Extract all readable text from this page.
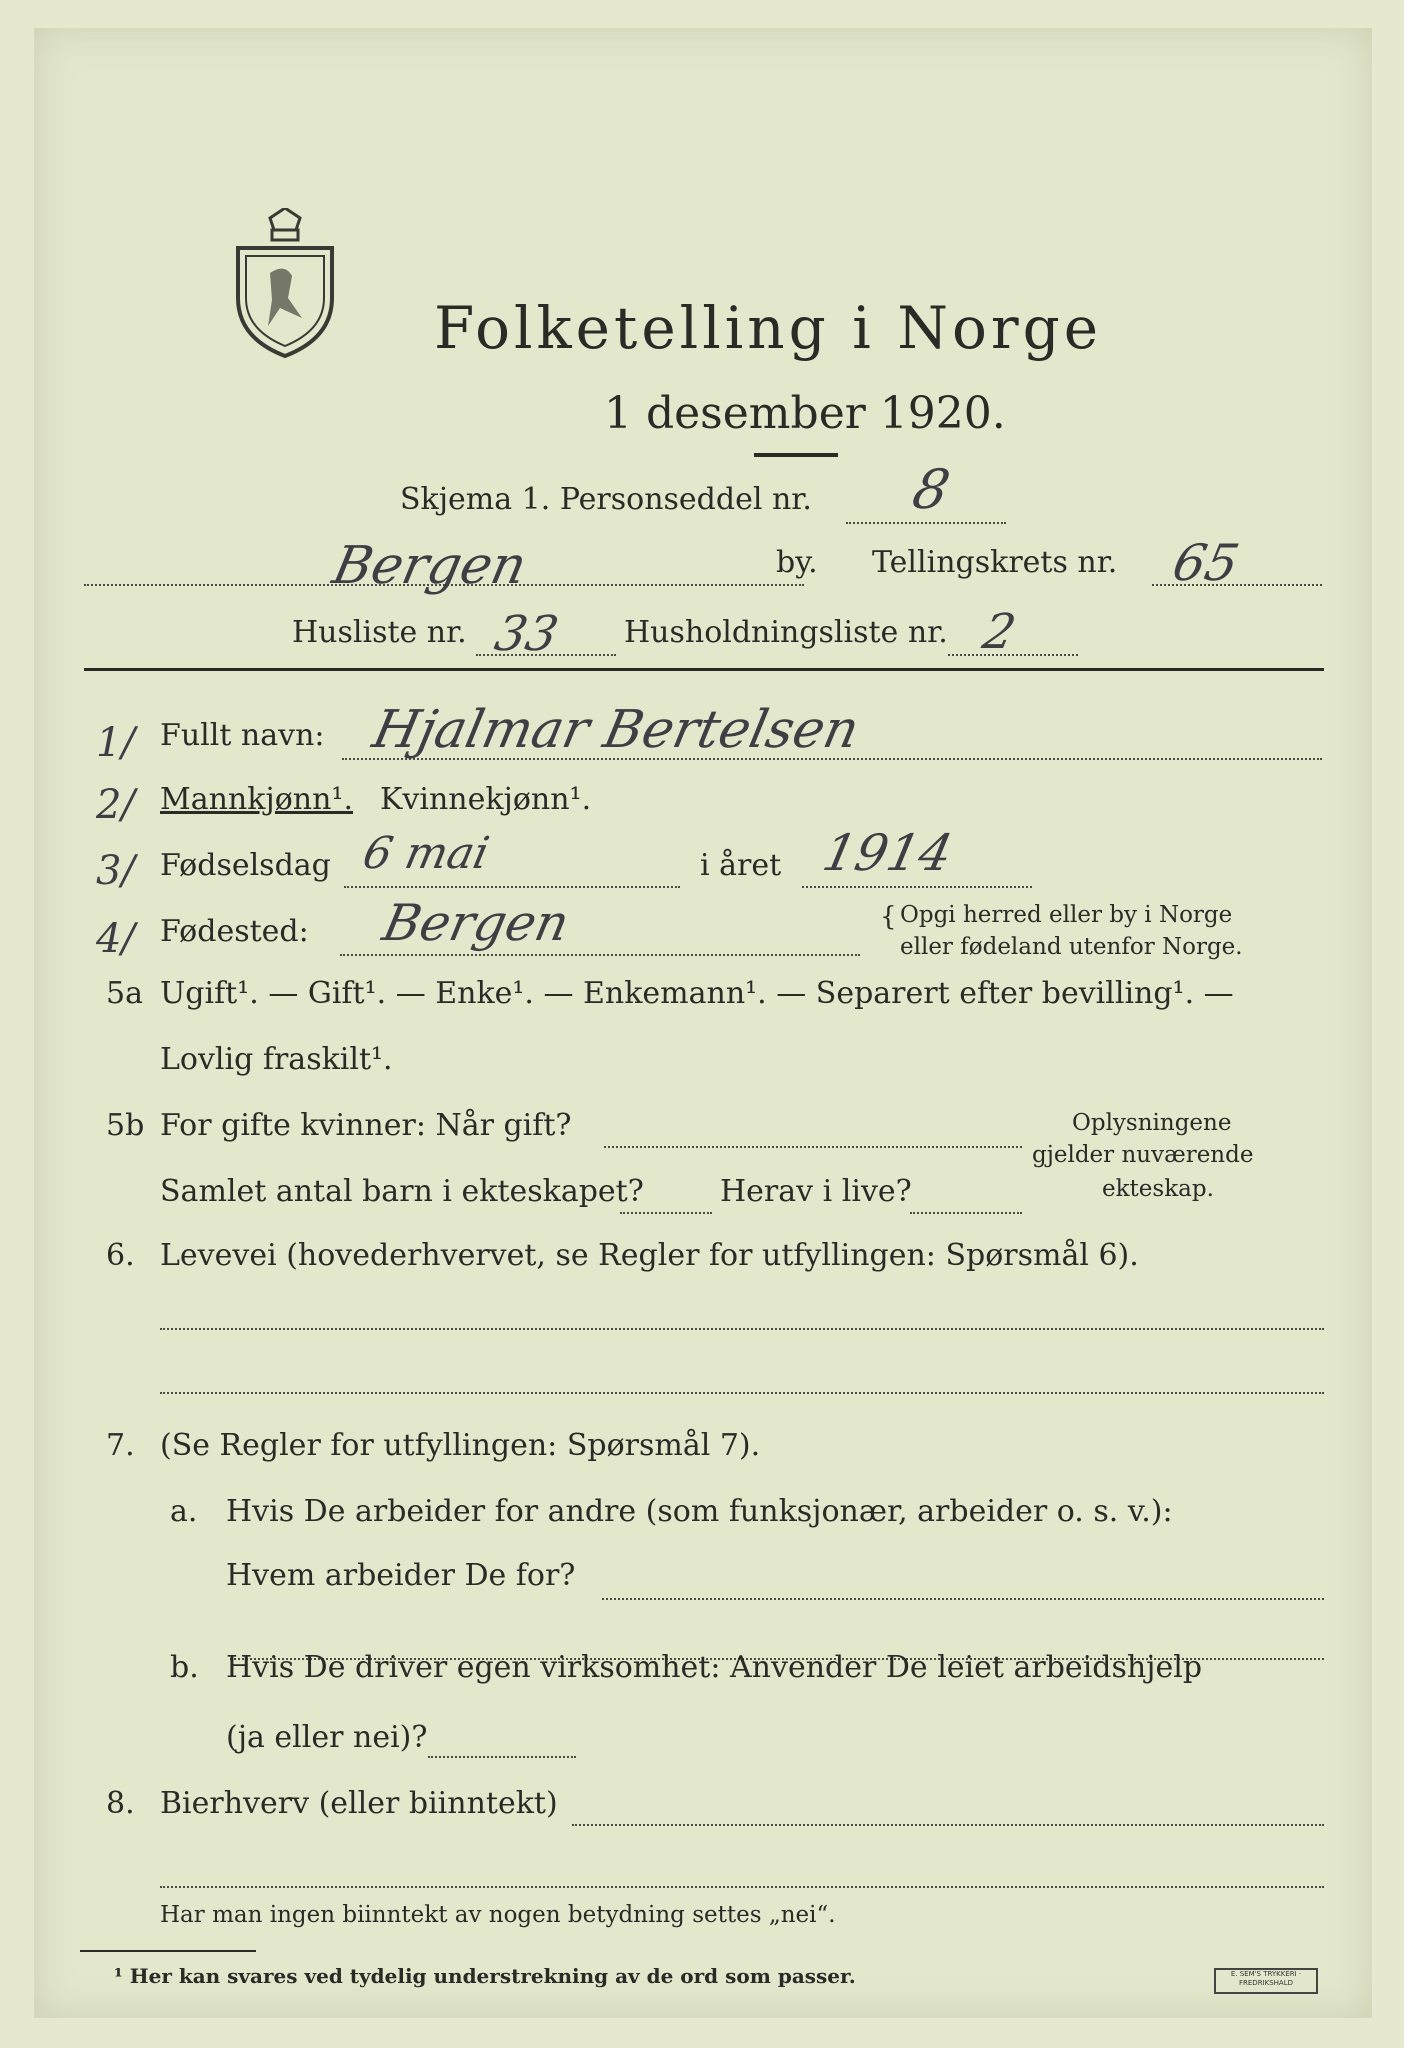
Folketelling i Norge
1 desember 1920.
Skjema 1. Personseddel nr. 8
Bergen	by. Tellingskrets nr. 65
Husliste nr. 33 Husholdningsliste nr. 2
1/ Fullt navn: Hjalmar Bertelsen
2/ Mannkjønn¹. Kvinnekjønn¹.
3/ Fødselsdag 6 mai	i året 1914
4/ Fødested: Bergen	{ Opgi herred eller by i Norge
eller fødeland utenfor Norge.
5a Ugift¹. — Gift¹. — Enke¹. — Enkemann¹. — Separert efter bevilling¹. —
Lovlig fraskilt¹.
5b For gifte kvinner: Når gift?
Samlet antal barn i ekteskapet?	Herav i live?
Oplysningene
gjelder nuværende
ekteskap.
6. Levevei (hovederhvervet, se Regler for utfyllingen: Spørsmål 6).
7. (Se Regler for utfyllingen: Spørsmål 7).
a. Hvis De arbeider for andre (som funksjonær, arbeider o. s. v.):
Hvem arbeider De for?
b. Hvis De driver egen virksomhet: Anvender De leiet arbeidshjelp
(ja eller nei)?
8. Bierhverv (eller biinntekt)
Har man ingen biinntekt av nogen betydning settes „nei“.
¹ Her kan svares ved tydelig understrekning av de ord som passer.	E. SEM'S TRYKKERI · FREDRIKSHALD
